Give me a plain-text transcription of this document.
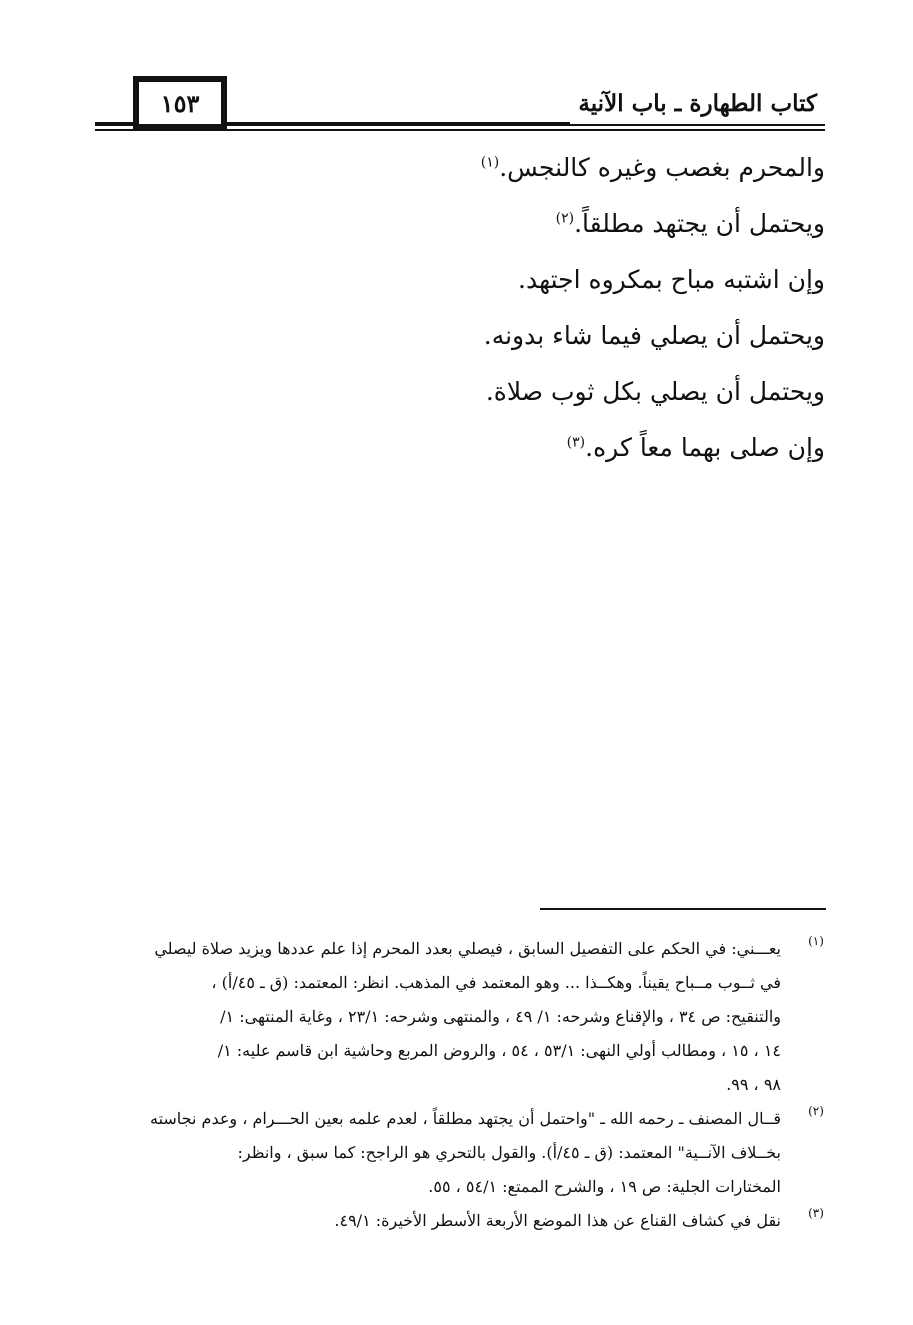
١٥٣	كتاب الطهارة ـ باب الآنية
والمحرم بغصب وغيره كالنجس.$^{(١)}$
ويحتمل أن يجتهد مطلقاً.$^{(٢)}$
وإن اشتبه مباح بمكروه اجتهد.
ويحتمل أن يصلي فيما شاء بدونه.
ويحتمل أن يصلي بكل ثوب صلاة.
وإن صلى بهما معاً كره.$^{(٣)}$
(١)
يعـــني: في الحكم على التفصيل السابق ، فيصلي بعدد المحرم إذا علم عددها ويزيد صلاة ليصلي
في ثــوب مــباح يقيناً. وهكــذا ... وهو المعتمد في المذهب. انظر: المعتمد: (ق ـ ٤٥/أ) ،
والتنقيح: ص ٣٤ ، والإقناع وشرحه: ١/ ٤٩ ، والمنتهى وشرحه: ٢٣/١ ، وغاية المنتهى: ١/
١٤ ، ١٥ ، ومطالب أولي النهى: ٥٣/١ ، ٥٤ ، والروض المربع وحاشية ابن قاسم عليه: ١/
٩٨ ، ٩٩.
(٢)
قــال المصنف ـ رحمه الله ـ "واحتمل أن يجتهد مطلقاً ، لعدم علمه بعين الحـــرام ، وعدم نجاسته
بخــلاف الآنــية" المعتمد: (ق ـ ٤٥/أ). والقول بالتحري هو الراجح: كما سبق ، وانظر:
المختارات الجلية: ص ١٩ ، والشرح الممتع: ٥٤/١ ، ٥٥.
(٣)
نقل في كشاف القناع عن هذا الموضع الأربعة الأسطر الأخيرة: ٤٩/١.
